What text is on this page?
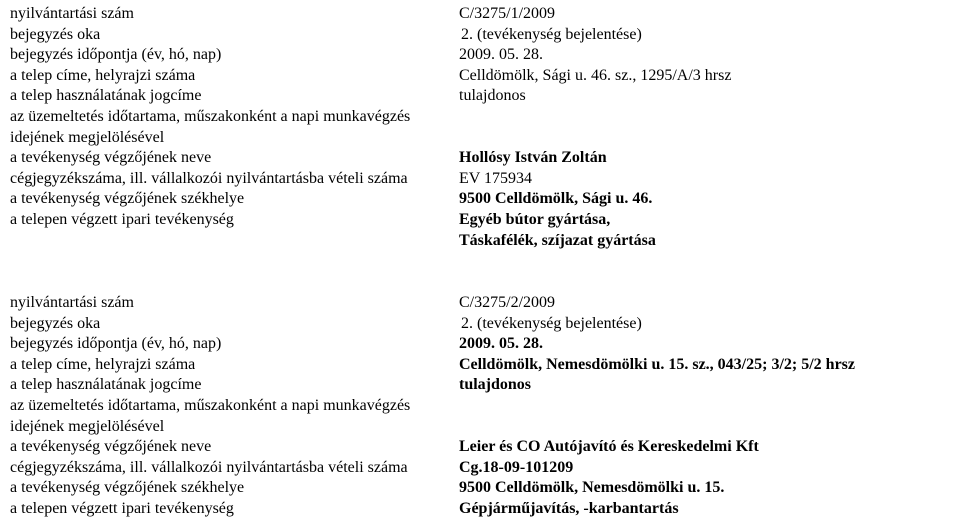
nyilvántartási szám	C/3275/1/2009
bejegyzés oka	2. (tevékenység bejelentése)
bejegyzés időpontja (év, hó, nap)	2009. 05. 28.
a telep címe, helyrajzi száma	Celldömölk, Sági u. 46. sz., 1295/A/3 hrsz
a telep használatának jogcíme	tulajdonos
az üzemeltetés időtartama, műszakonként a napi munkavégzés
idejének megjelölésével
a tevékenység végzőjének neve	Hollósy István Zoltán
cégjegyzékszáma, ill. vállalkozói nyilvántartásba vételi száma	EV 175934
a tevékenység végzőjének székhelye	9500 Celldömölk, Sági u. 46.
a telepen végzett ipari tevékenység	Egyéb bútor gyártása,
Táskafélék, szíjazat gyártása
nyilvántartási szám	C/3275/2/2009
bejegyzés oka	2. (tevékenység bejelentése)
bejegyzés időpontja (év, hó, nap)	2009. 05. 28.
a telep címe, helyrajzi száma	Celldömölk, Nemesdömölki u. 15. sz., 043/25; 3/2; 5/2 hrsz
a telep használatának jogcíme	tulajdonos
az üzemeltetés időtartama, műszakonként a napi munkavégzés
idejének megjelölésével
a tevékenység végzőjének neve	Leier és CO Autójavító és Kereskedelmi Kft
cégjegyzékszáma, ill. vállalkozói nyilvántartásba vételi száma	Cg.18-09-101209
a tevékenység végzőjének székhelye	9500 Celldömölk, Nemesdömölki u. 15.
a telepen végzett ipari tevékenység	Gépjárműjavítás, -karbantartás
